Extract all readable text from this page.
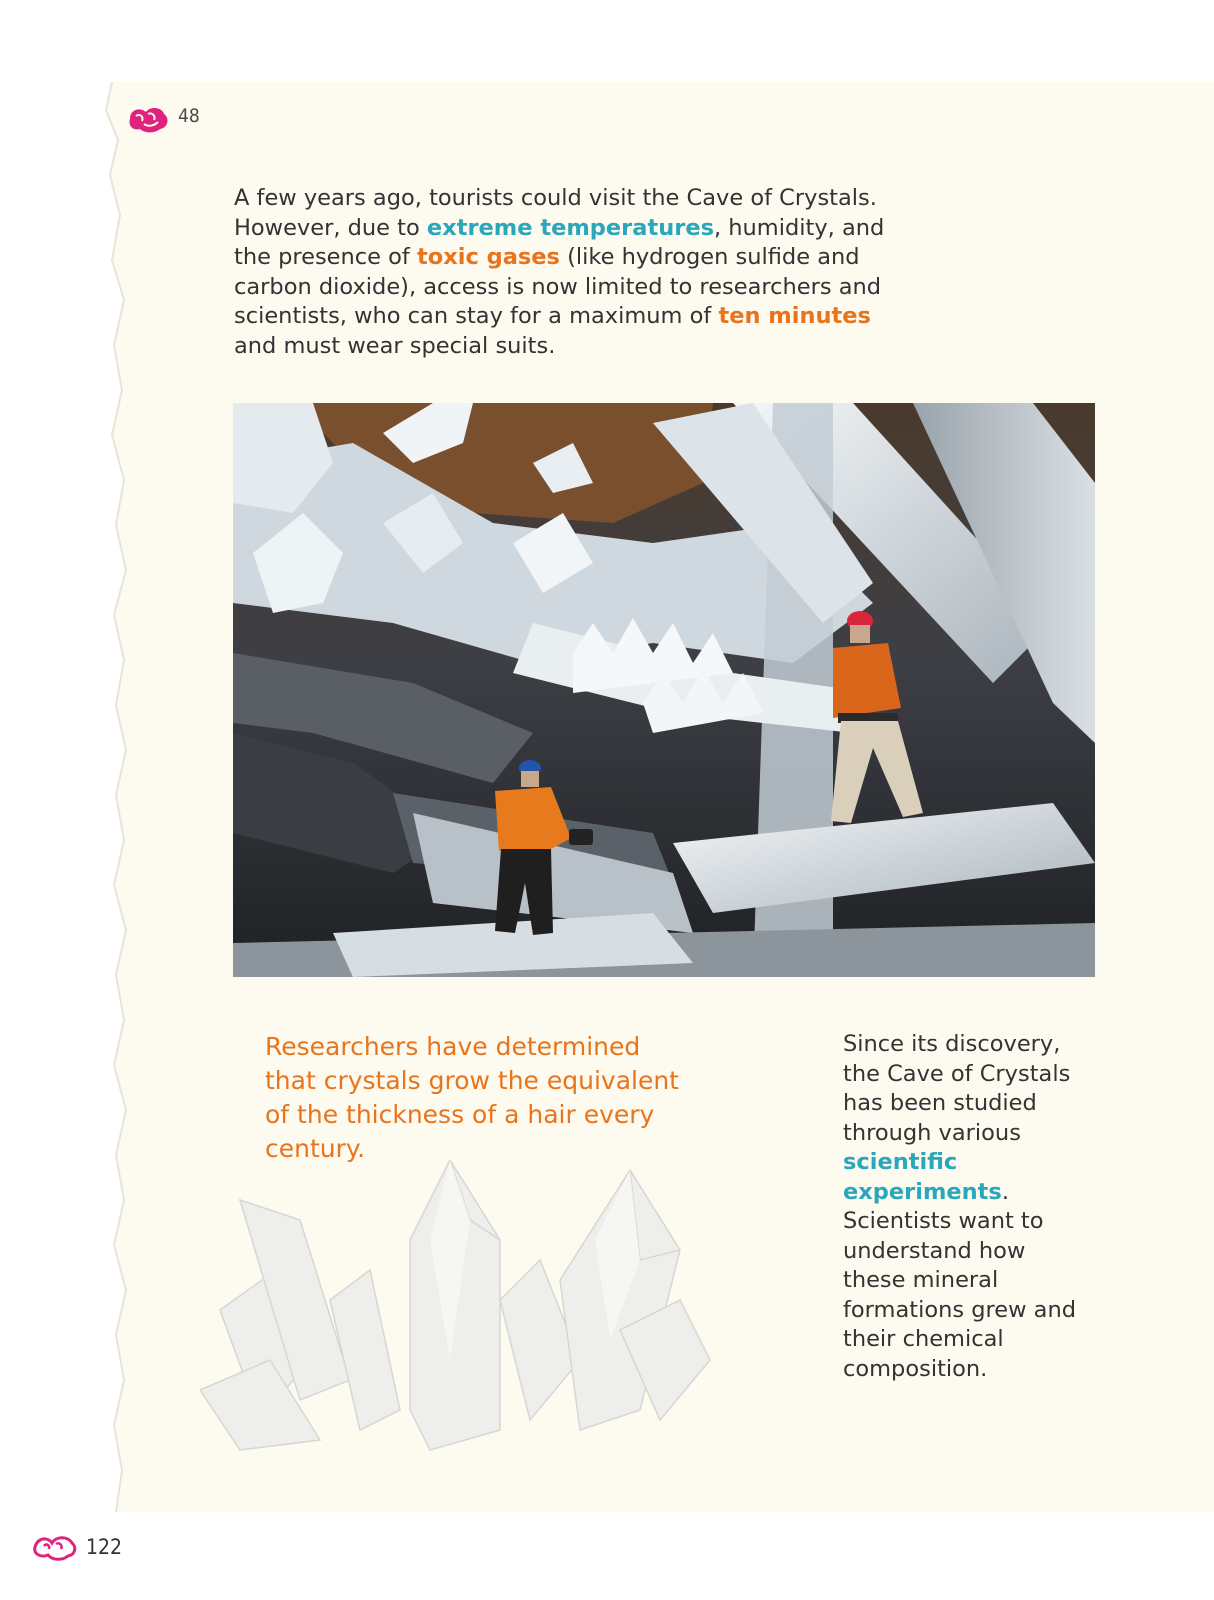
48

A few years ago, tourists could visit the Cave of Crystals. However, due to extreme temperatures, humidity, and the presence of toxic gases (like hydrogen sulfide and carbon dioxide), access is now limited to researchers and scientists, who can stay for a maximum of ten minutes and must wear special suits.

Researchers have determined that crystals grow the equivalent of the thickness of a hair every century.

Since its discovery, the Cave of Crystals has been studied through various scientific experiments. Scientists want to understand how these mineral formations grew and their chemical composition.

122
